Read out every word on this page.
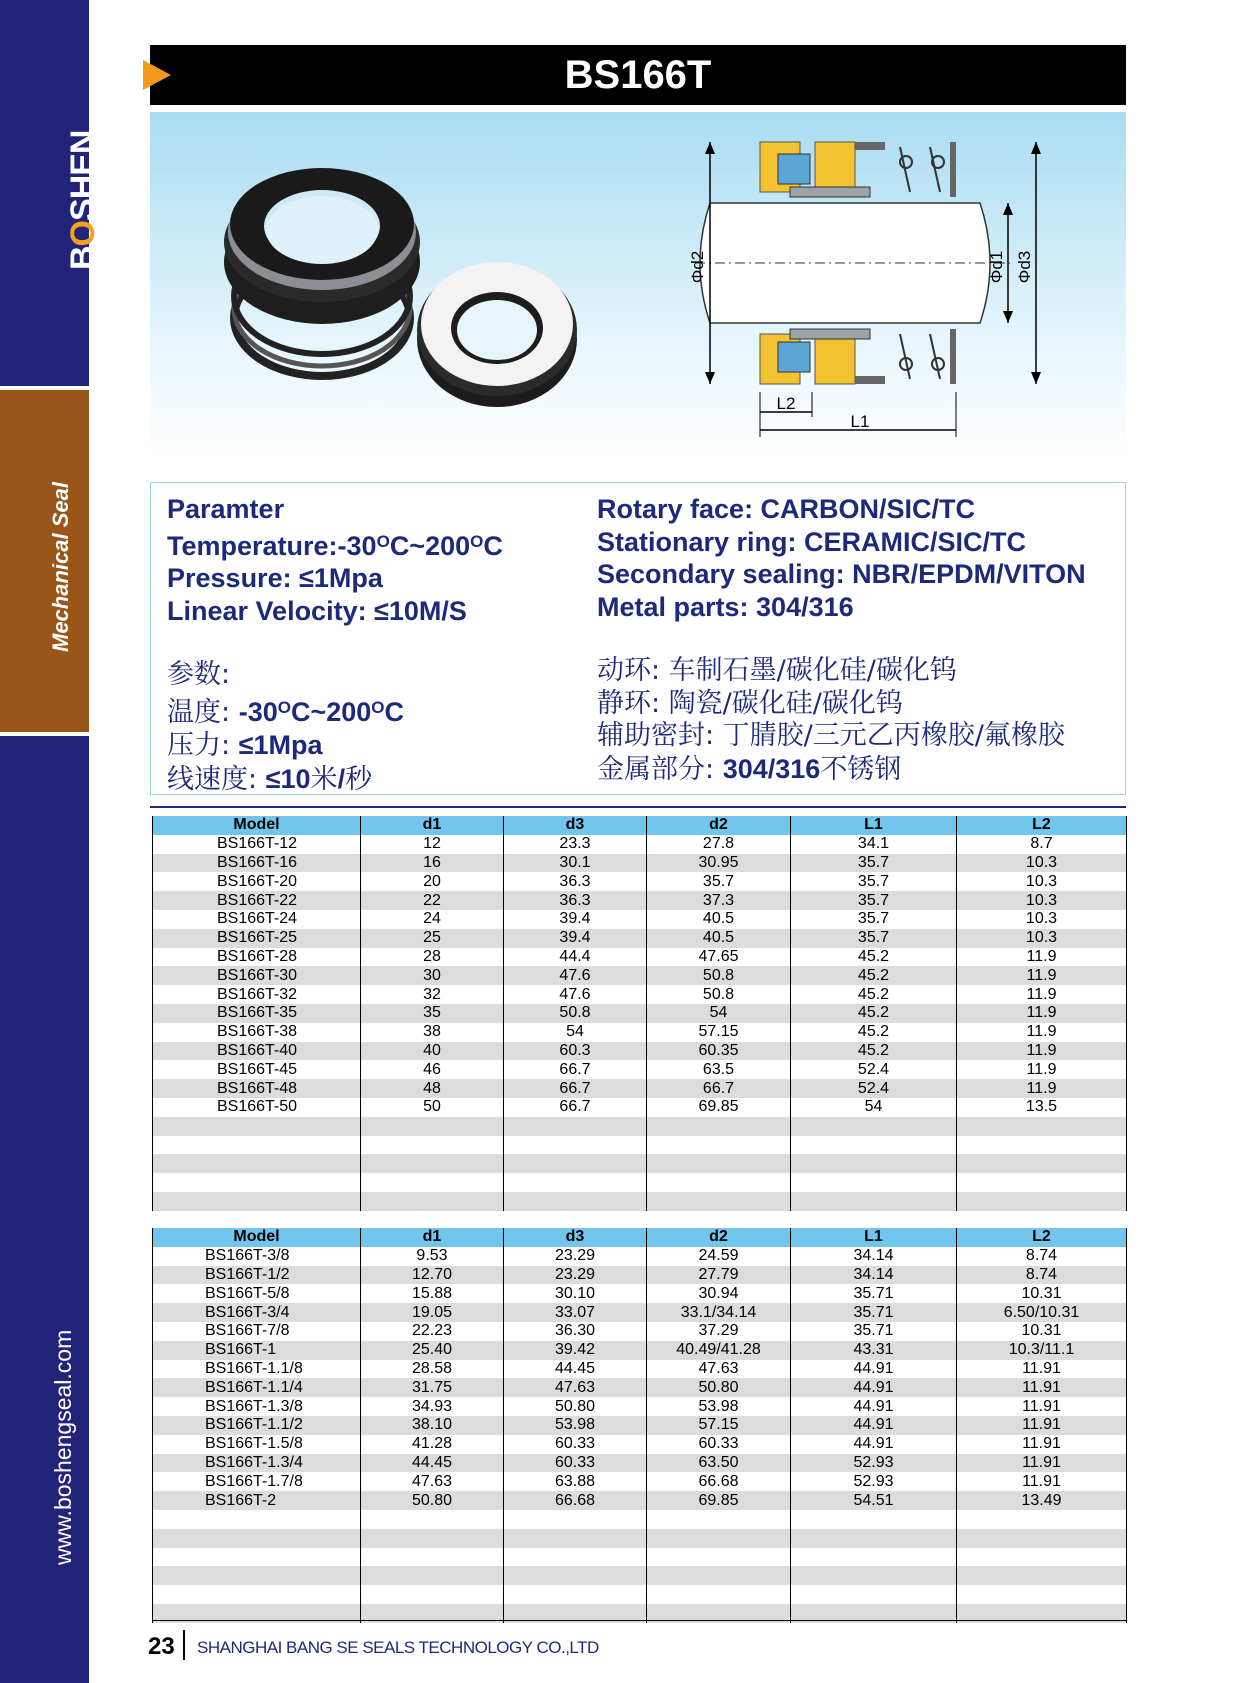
BOSHEN
Mechanical Seal
www.boshengseal.com
BS166T
Φd2	Φd1 Φd3
L2
L1
Paramter
$Temperature:-30^OC\sim 200^OC$
Pressure: ≤1Mpa
Linear Velocity: ≤10M/S
参数:
温度: $-30^OC\sim 200^OC$
压力: ≤1Mpa
线速度: ≤10米/秒
Rotary face: CARBON/SIC/TC
Stationary ring: CERAMIC/SIC/TC
Secondary sealing: NBR/EPDM/VITON
Metal parts: 304/316
动环: 车制石墨/碳化硅/碳化钨
静环: 陶瓷/碳化硅/碳化钨
辅助密封: 丁腈胶/三元乙丙橡胶/氟橡胶
金属部分: 304/316不锈钢
Model	d1	d3	d2	L1	L2
BS166T-12	12	23.3	27.8	34.1	8.7
BS166T-16	16	30.1	30.95	35.7	10.3
BS166T-20	20	36.3	35.7	35.7	10.3
BS166T-22	22	36.3	37.3	35.7	10.3
BS166T-24	24	39.4	40.5	35.7	10.3
BS166T-25	25	39.4	40.5	35.7	10.3
BS166T-28	28	44.4	47.65	45.2	11.9
BS166T-30	30	47.6	50.8	45.2	11.9
BS166T-32	32	47.6	50.8	45.2	11.9
BS166T-35	35	50.8	54	45.2	11.9
BS166T-38	38	54	57.15	45.2	11.9
BS166T-40	40	60.3	60.35	45.2	11.9
BS166T-45	46	66.7	63.5	52.4	11.9
BS166T-48	48	66.7	66.7	52.4	11.9
BS166T-50	50	66.7	69.85	54	13.5

Model	d1	d3	d2	L1	L2
BS166T-3/8	9.53	23.29	24.59	34.14	8.74
BS166T-1/2	12.70	23.29	27.79	34.14	8.74
BS166T-5/8	15.88	30.10	30.94	35.71	10.31
BS166T-3/4	19.05	33.07	33.1/34.14	35.71	6.50/10.31
BS166T-7/8	22.23	36.30	37.29	35.71	10.31
BS166T-1	25.40	39.42	40.49/41.28	43.31	10.3/11.1
BS166T-1.1/8	28.58	44.45	47.63	44.91	11.91
BS166T-1.1/4	31.75	47.63	50.80	44.91	11.91
BS166T-1.3/8	34.93	50.80	53.98	44.91	11.91
BS166T-1.1/2	38.10	53.98	57.15	44.91	11.91
BS166T-1.5/8	41.28	60.33	60.33	44.91	11.91
BS166T-1.3/4	44.45	60.33	63.50	52.93	11.91
BS166T-1.7/8	47.63	63.88	66.68	52.93	11.91
BS166T-2	50.80	66.68	69.85	54.51	13.49

23 SHANGHAI BANG SE SEALS TECHNOLOGY CO.,LTD
